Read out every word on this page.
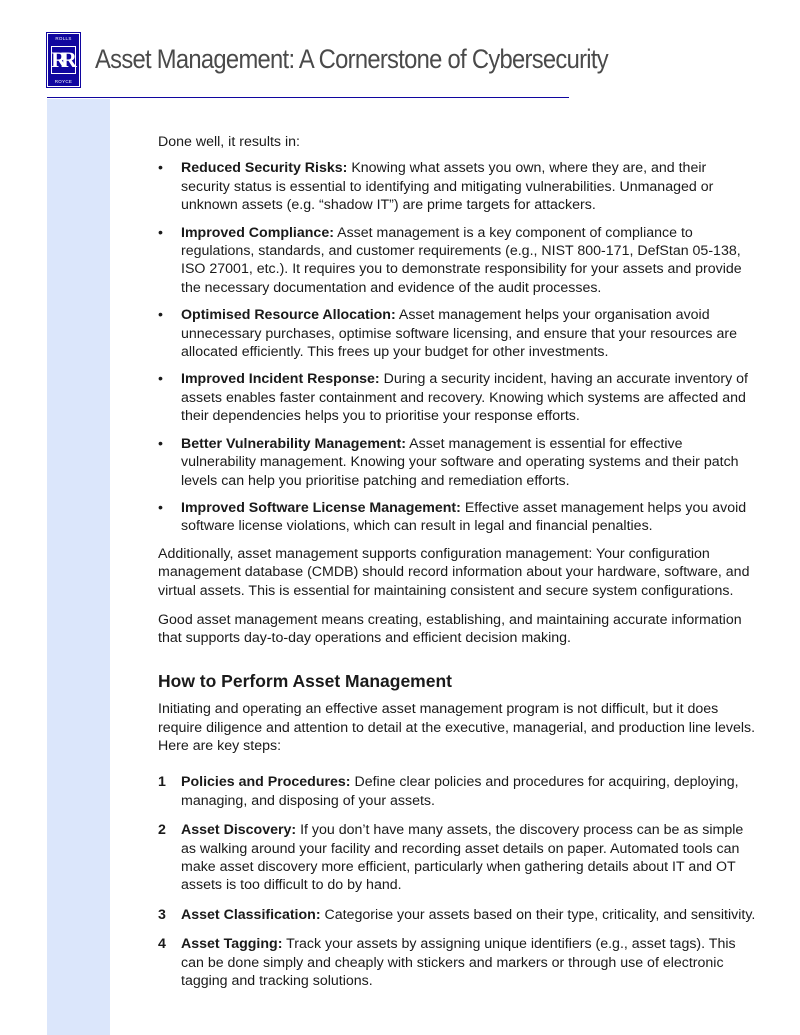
ROLLS
RR
ROYCE
Asset Management: A Cornerstone of Cybersecurity

Done well, it results in:

• Reduced Security Risks: Knowing what assets you own, where they are, and their security status is essential to identifying and mitigating vulnerabilities. Unmanaged or unknown assets (e.g. “shadow IT”) are prime targets for attackers.
• Improved Compliance: Asset management is a key component of compliance to regulations, standards, and customer requirements (e.g., NIST 800-171, DefStan 05-138, ISO 27001, etc.). It requires you to demonstrate responsibility for your assets and provide the necessary documentation and evidence of the audit processes.
• Optimised Resource Allocation: Asset management helps your organisation avoid unnecessary purchases, optimise software licensing, and ensure that your resources are allocated efficiently. This frees up your budget for other investments.
• Improved Incident Response: During a security incident, having an accurate inventory of assets enables faster containment and recovery. Knowing which systems are affected and their dependencies helps you to prioritise your response efforts.
• Better Vulnerability Management: Asset management is essential for effective vulnerability management. Knowing your software and operating systems and their patch levels can help you prioritise patching and remediation efforts.
• Improved Software License Management: Effective asset management helps you avoid software license violations, which can result in legal and financial penalties.

Additionally, asset management supports configuration management: Your configuration management database (CMDB) should record information about your hardware, software, and virtual assets. This is essential for maintaining consistent and secure system configurations.

Good asset management means creating, establishing, and maintaining accurate information that supports day-to-day operations and efficient decision making.

How to Perform Asset Management

Initiating and operating an effective asset management program is not difficult, but it does require diligence and attention to detail at the executive, managerial, and production line levels. Here are key steps:

1 Policies and Procedures: Define clear policies and procedures for acquiring, deploying, managing, and disposing of your assets.
2 Asset Discovery: If you don’t have many assets, the discovery process can be as simple as walking around your facility and recording asset details on paper. Automated tools can make asset discovery more efficient, particularly when gathering details about IT and OT assets is too difficult to do by hand.
3 Asset Classification: Categorise your assets based on their type, criticality, and sensitivity.
4 Asset Tagging: Track your assets by assigning unique identifiers (e.g., asset tags). This can be done simply and cheaply with stickers and markers or through use of electronic tagging and tracking solutions.
